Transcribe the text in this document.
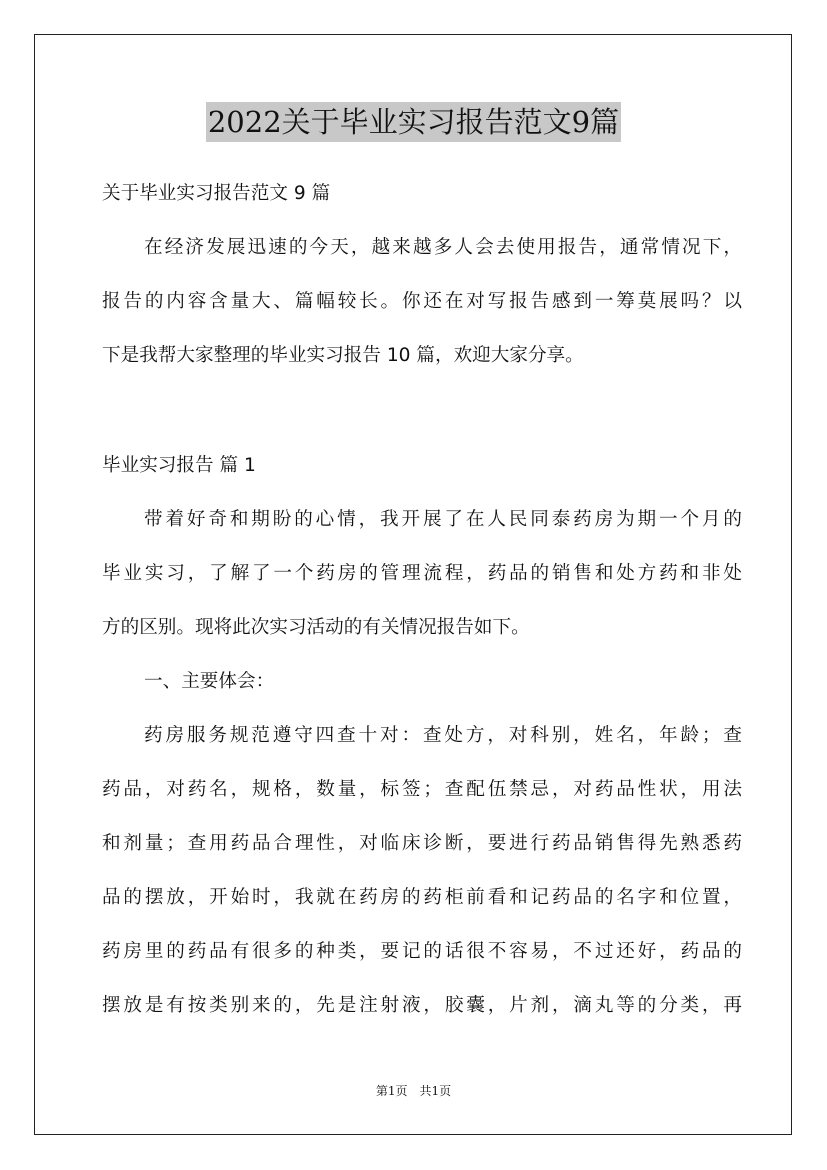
2022关于毕业实习报告范文9篇
关于毕业实习报告范文 9 篇
在经济发展迅速的今天，越来越多人会去使用报告，通常情况下，
报告的内容含量大、篇幅较长。你还在对写报告感到一筹莫展吗？以
下是我帮大家整理的毕业实习报告 10 篇，欢迎大家分享。
毕业实习报告 篇 1
带着好奇和期盼的心情，我开展了在人民同泰药房为期一个月的
毕业实习，了解了一个药房的管理流程，药品的销售和处方药和非处
方的区别。现将此次实习活动的有关情况报告如下。
一、主要体会：
药房服务规范遵守四查十对：查处方，对科别，姓名，年龄；查
药品，对药名，规格，数量，标签；查配伍禁忌，对药品性状，用法
和剂量；查用药品合理性，对临床诊断，要进行药品销售得先熟悉药
品的摆放，开始时，我就在药房的药柜前看和记药品的名字和位置，
药房里的药品有很多的种类，要记的话很不容易，不过还好，药品的
摆放是有按类别来的，先是注射液，胶囊，片剂，滴丸等的分类，再
第1页　共1页
